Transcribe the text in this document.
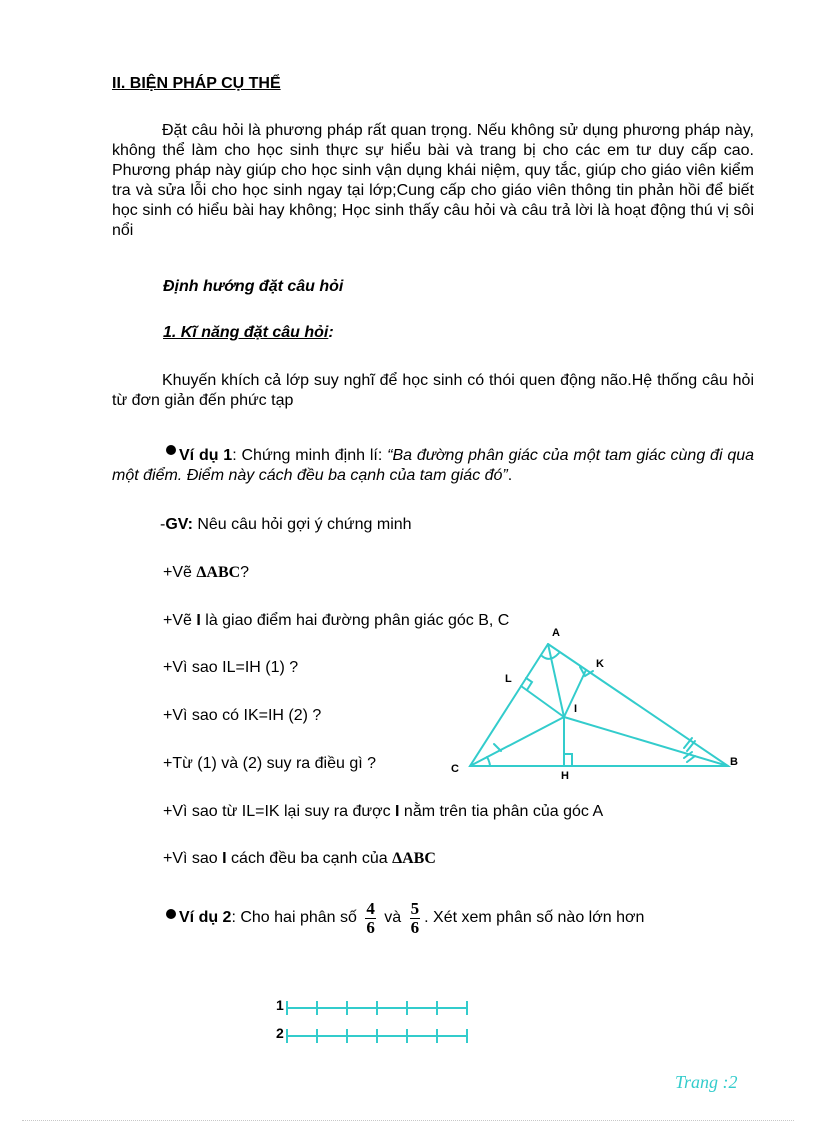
II. BIỆN PHÁP CỤ THỂ
Đặt câu hỏi là phương pháp rất quan trọng. Nếu không sử dụng phương pháp này, không thể làm cho học sinh thực sự hiểu bài và trang bị cho các em tư duy cấp cao. Phương pháp này giúp cho học sinh vận dụng khái niệm, quy tắc, giúp cho giáo viên kiểm tra và sửa lỗi cho học sinh ngay tại lớp;Cung cấp cho giáo viên thông tin phản hồi để biết học sinh có hiểu bài hay không; Học sinh thấy câu hỏi và câu trả lời là hoạt động thú vị sôi nổi
Định hướng đặt câu hỏi
1. Kĩ năng đặt câu hỏi:
Khuyến khích cả lớp suy nghĩ để học sinh có thói quen động não.Hệ thống câu hỏi từ đơn giản đến phức tạp
Ví dụ 1: Chứng minh định lí: “Ba đường phân giác của một tam giác cùng đi qua một điểm. Điểm này cách đều ba cạnh của tam giác đó”.
-GV: Nêu câu hỏi gợi ý chứng minh
+Vẽ ΔABC?
+Vẽ I là giao điểm hai đường phân giác góc B, C
+Vì sao IL=IH (1) ?
+Vì sao có IK=IH (2) ?
+Từ (1) và (2) suy ra điều gì ?
+Vì sao từ IL=IK lại suy ra được I nằm trên tia phân của góc A
+Vì sao I cách đều ba cạnh của ΔABC
A
B
C
I
K
L
H
Ví dụ 2 : Cho hai phân số $\frac{4}{6}$ và $\frac{5}{6}$ . Xét xem phân số nào lớn hơn
1
2
Trang :2
